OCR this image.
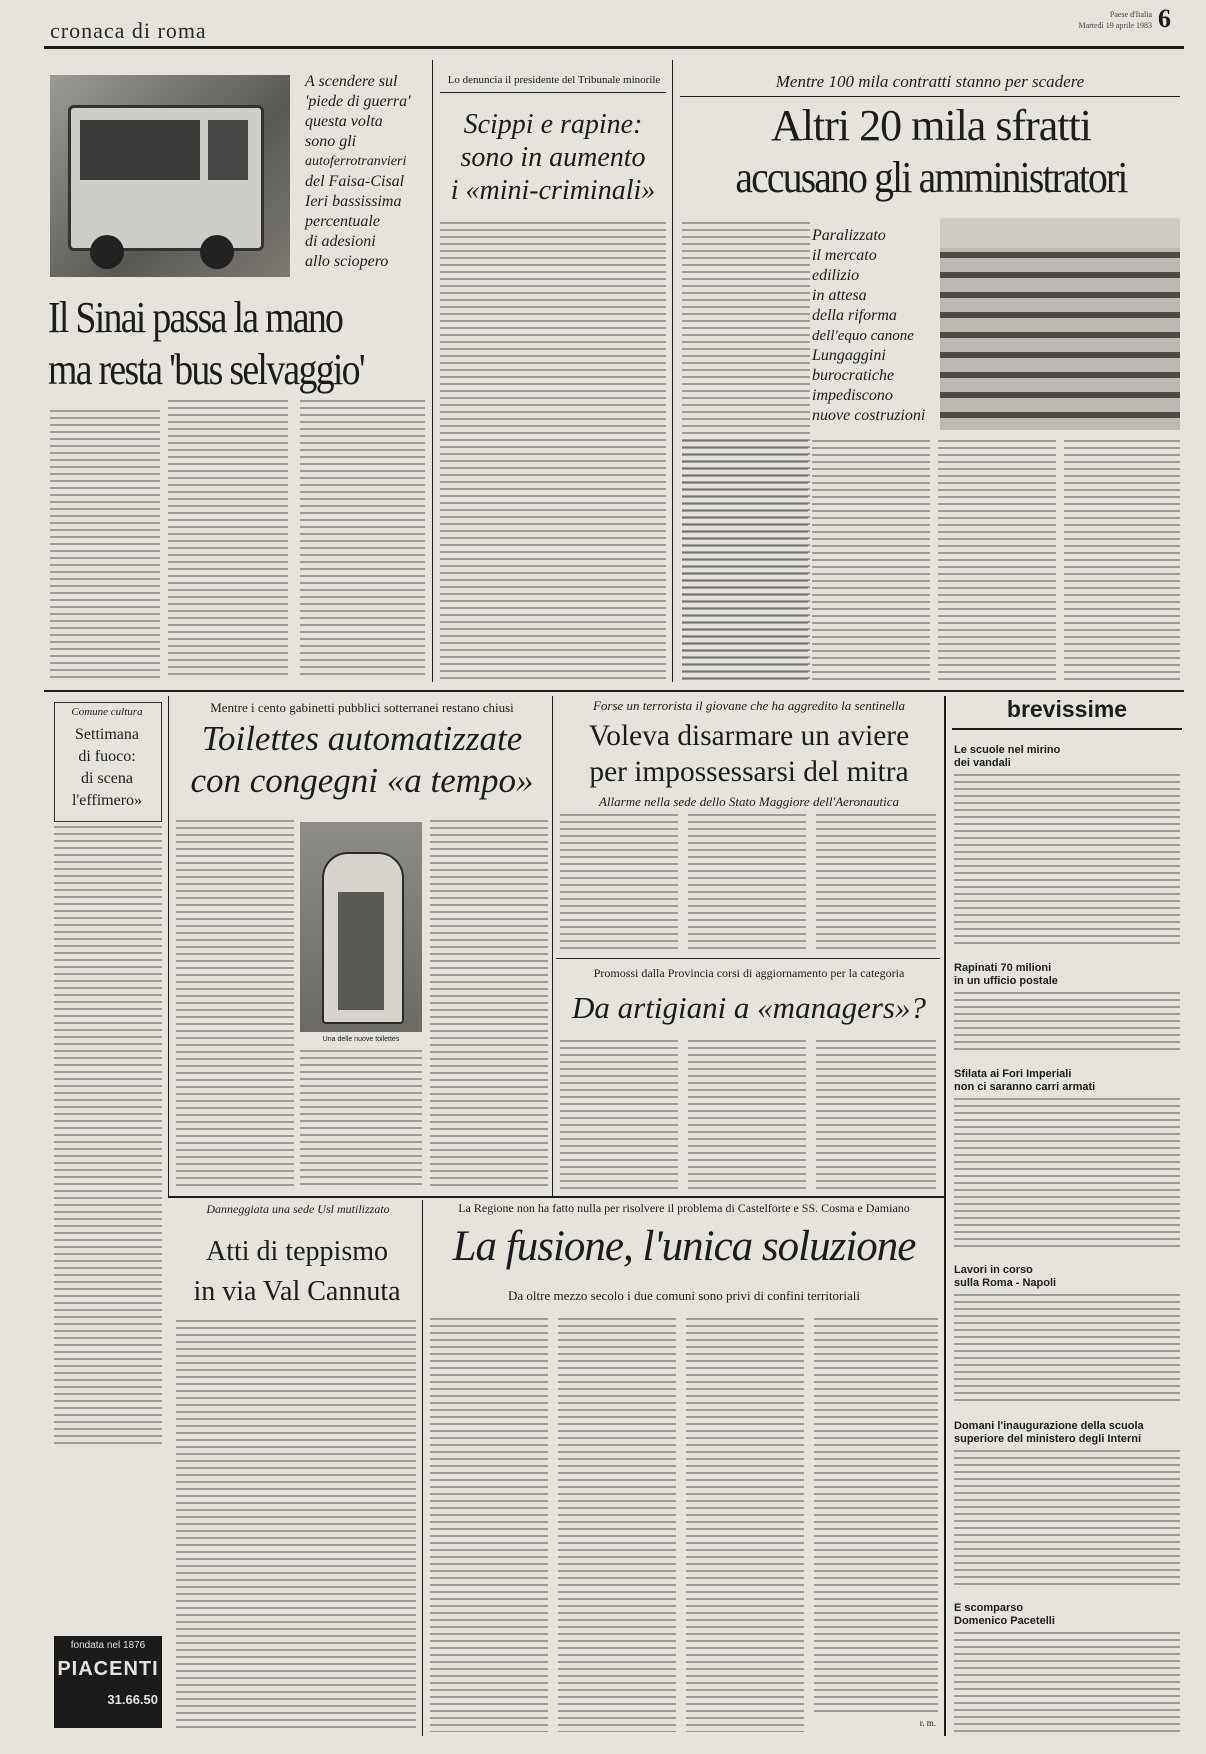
cronaca di roma
Paese d'Italia
Martedì 19 aprile 1983 6
A scendere sul
'piede di guerra'
questa volta
sono gli
autoferrotranvieri
del Faisa-Cisal
Ieri bassissima
percentuale
di adesioni
allo sciopero
Il Sinai passa la mano
ma resta 'bus selvaggio'
Lo denuncia il presidente del Tribunale minorile
Scippi e rapine:
sono in aumento
i «mini-criminali»
Mentre 100 mila contratti stanno per scadere
Altri 20 mila sfratti
accusano gli amministratori
Paralizzato
il mercato
edilizio
in attesa
della riforma
dell'equo canone
Lungaggini
burocratiche
impediscono
nuove costruzioni
Comune cultura
Settimana
di fuoco:
di scena
l'effimero»
Mentre i cento gabinetti pubblici sotterranei restano chiusi
Toilettes automatizzate
con congegni «a tempo»
Una delle nuove toilettes
Forse un terrorista il giovane che ha aggredito la sentinella
Voleva disarmare un aviere
per impossessarsi del mitra
Allarme nella sede dello Stato Maggiore dell'Aeronautica
Promossi dalla Provincia corsi di aggiornamento per la categoria
Da artigiani a «managers»?
Danneggiata una sede Usl mutilizzato
Atti di teppismo
in via Val Cannuta
La Regione non ha fatto nulla per risolvere il problema di Castelforte e SS. Cosma e Damiano
La fusione, l'unica soluzione
Da oltre mezzo secolo i due comuni sono privi di confini territoriali
r. m.
brevissime
Le scuole nel mirino
dei vandali
Rapinati 70 milioni
in un ufficio postale
Sfilata ai Fori Imperiali
non ci saranno carri armati
Lavori in corso
sulla Roma - Napoli
Domani l'inaugurazione della scuola
superiore del ministero degli Interni
E scomparso
Domenico Pacetelli
fondata nel 1876
PIACENTI
31.66.50
